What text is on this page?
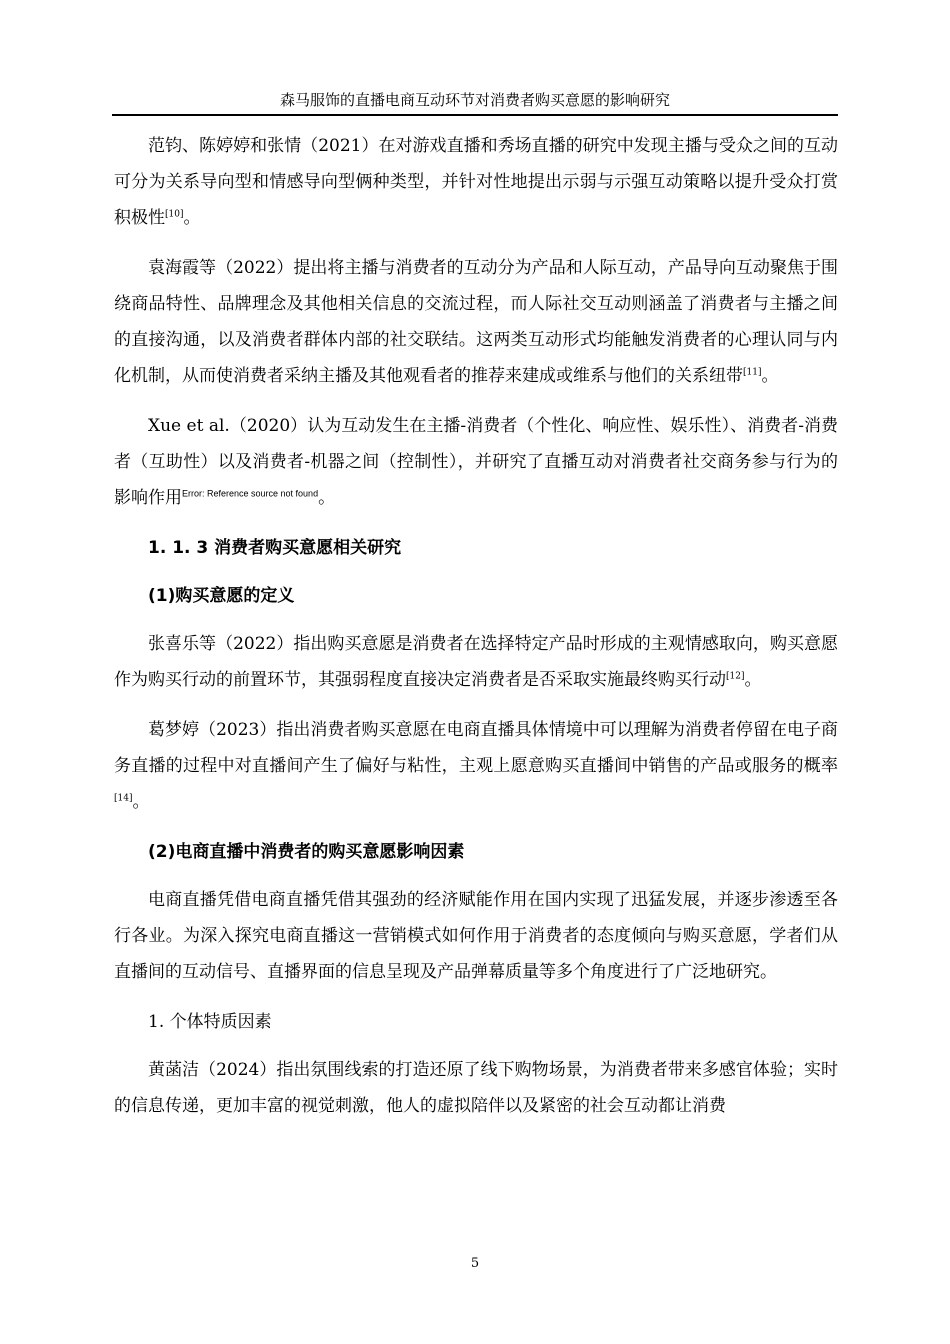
森马服饰的直播电商互动环节对消费者购买意愿的影响研究

范钧、陈婷婷和张情（2021）在对游戏直播和秀场直播的研究中发现主播与受众之间的互动可分为关系导向型和情感导向型俩种类型，并针对性地提出示弱与示强互动策略以提升受众打赏积极性[10]。

袁海霞等（2022）提出将主播与消费者的互动分为产品和人际互动，产品导向互动聚焦于围绕商品特性、品牌理念及其他相关信息的交流过程，而人际社交互动则涵盖了消费者与主播之间的直接沟通，以及消费者群体内部的社交联结。这两类互动形式均能触发消费者的心理认同与内化机制，从而使消费者采纳主播及其他观看者的推荐来建成或维系与他们的关系纽带[11]。

Xue et al.（2020）认为互动发生在主播-消费者（个性化、响应性、娱乐性）、消费者-消费者（互助性）以及消费者-机器之间（控制性），并研究了直播互动对消费者社交商务参与行为的影响作用$^{Error: Reference source not found}$。

1. 1. 3 消费者购买意愿相关研究
(1)购买意愿的定义

张喜乐等（2022）指出购买意愿是消费者在选择特定产品时形成的主观情感取向，购买意愿作为购买行动的前置环节，其强弱程度直接决定消费者是否采取实施最终购买行动[12]。

葛梦婷（2023）指出消费者购买意愿在电商直播具体情境中可以理解为消费者停留在电子商务直播的过程中对直播间产生了偏好与粘性，主观上愿意购买直播间中销售的产品或服务的概率[14]。

(2)电商直播中消费者的购买意愿影响因素

电商直播凭借电商直播凭借其强劲的经济赋能作用在国内实现了迅猛发展，并逐步渗透至各行各业。为深入探究电商直播这一营销模式如何作用于消费者的态度倾向与购买意愿，学者们从直播间的互动信号、直播界面的信息呈现及产品弹幕质量等多个角度进行了广泛地研究。

1. 个体特质因素

黄菡洁（2024）指出氛围线索的打造还原了线下购物场景，为消费者带来多感官体验；实时的信息传递，更加丰富的视觉刺激，他人的虚拟陪伴以及紧密的社会互动都让消费

5
